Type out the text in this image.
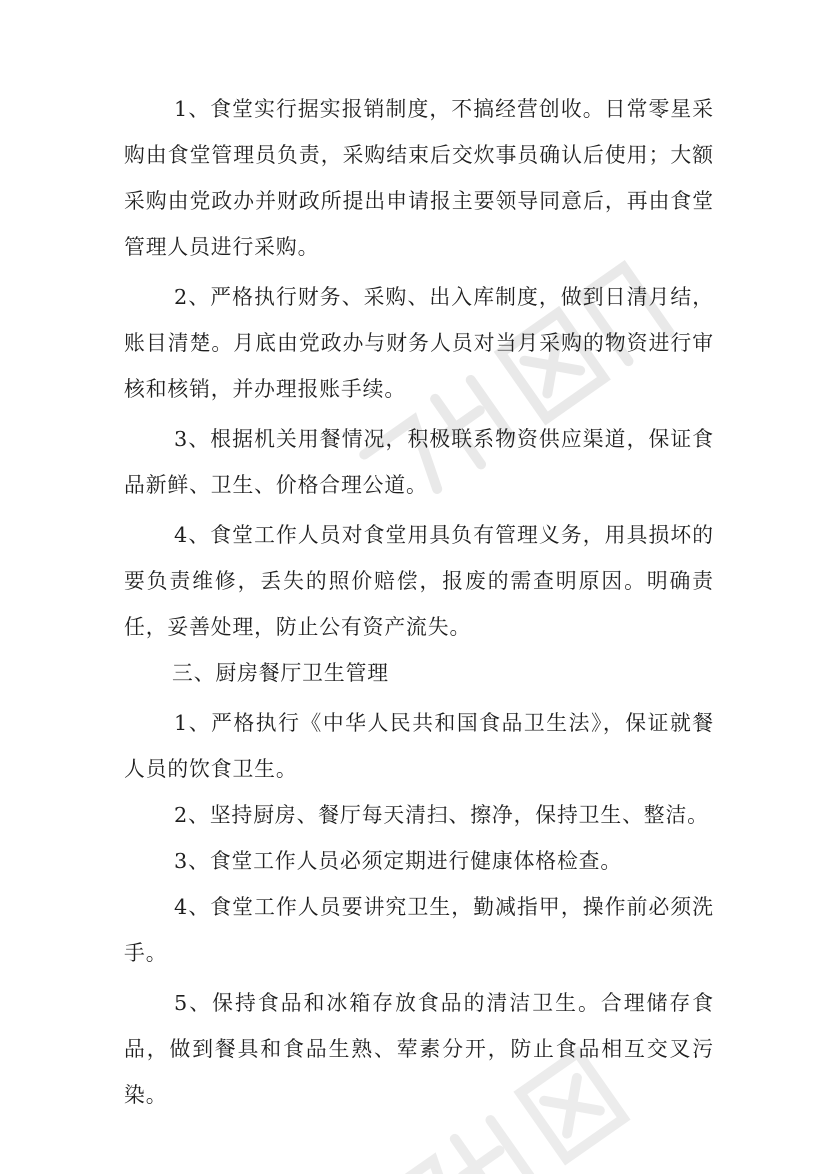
1、食堂实行据实报销制度，不搞经营创收。日常零星采购由食堂管理员负责，采购结束后交炊事员确认后使用；大额采购由党政办并财政所提出申请报主要领导同意后，再由食堂管理人员进行采购。

2、严格执行财务、采购、出入库制度，做到日清月结，账目清楚。月底由党政办与财务人员对当月采购的物资进行审核和核销，并办理报账手续。

3、根据机关用餐情况，积极联系物资供应渠道，保证食品新鲜、卫生、价格合理公道。

4、食堂工作人员对食堂用具负有管理义务，用具损坏的要负责维修，丢失的照价赔偿，报废的需查明原因。明确责任，妥善处理，防止公有资产流失。

三、厨房餐厅卫生管理

1、严格执行《中华人民共和国食品卫生法》，保证就餐人员的饮食卫生。

2、坚持厨房、餐厅每天清扫、擦净，保持卫生、整洁。

3、食堂工作人员必须定期进行健康体格检查。

4、食堂工作人员要讲究卫生，勤减指甲，操作前必须洗手。

5、保持食品和冰箱存放食品的清洁卫生。合理储存食品，做到餐具和食品生熟、荤素分开，防止食品相互交叉污染。
